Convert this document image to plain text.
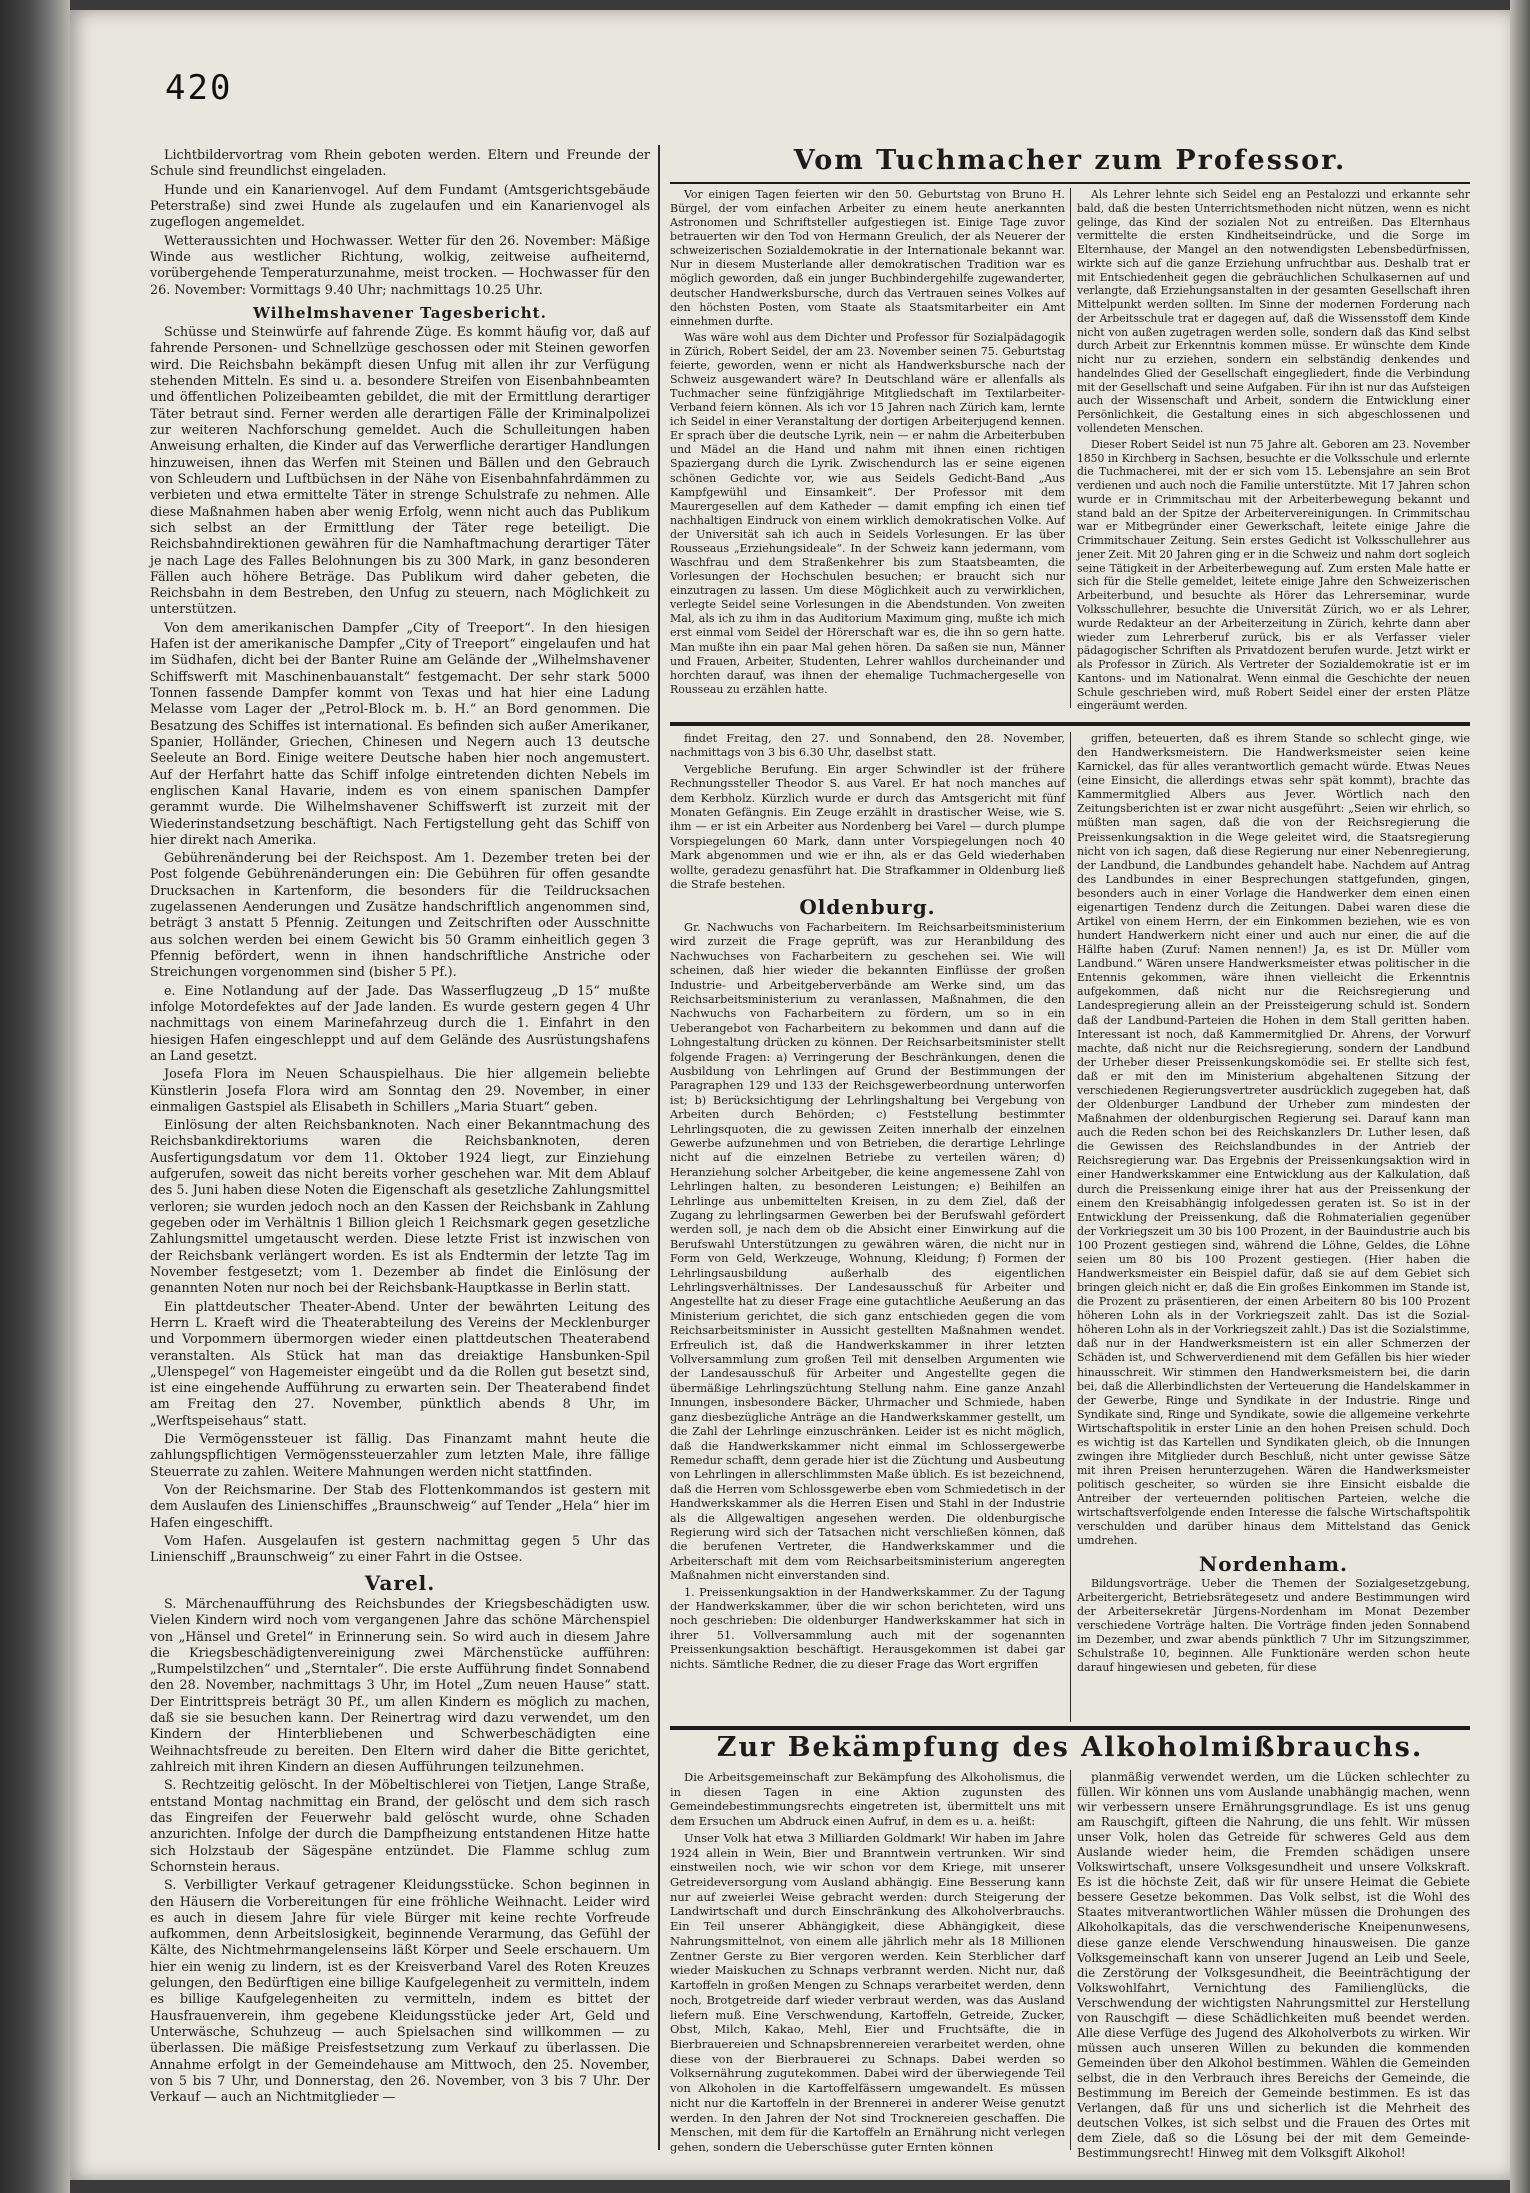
420

Lichtbildervortrag vom Rhein geboten werden. Eltern und Freunde der Schule sind freundlichst eingeladen.

Hunde und ein Kanarienvogel. Auf dem Fundamt (Amtsgerichtsgebäude Peterstraße) sind zwei Hunde als zugelaufen und ein Kanarienvogel als zugeflogen angemeldet.

Wetteraussichten und Hochwasser. Wetter für den 26. November: Mäßige Winde aus westlicher Richtung, wolkig, zeitweise aufheiternd, vorübergehende Temperaturzunahme, meist trocken. — Hochwasser für den 26. November: Vormittags 9.40 Uhr; nachmittags 10.25 Uhr.

Wilhelmshavener Tagesbericht.

Schüsse und Steinwürfe auf fahrende Züge. Es kommt häufig vor, daß auf fahrende Personen- und Schnellzüge geschossen oder mit Steinen geworfen wird. Die Reichsbahn bekämpft diesen Unfug mit allen ihr zur Verfügung stehenden Mitteln. Es sind u. a. besondere Streifen von Eisenbahnbeamten und öffentlichen Polizeibeamten gebildet, die mit der Ermittlung derartiger Täter betraut sind. Ferner werden alle derartigen Fälle der Kriminalpolizei zur weiteren Nachforschung gemeldet. Auch die Schulleitungen haben Anweisung erhalten, die Kinder auf das Verwerfliche derartiger Handlungen hinzuweisen, ihnen das Werfen mit Steinen und Bällen und den Gebrauch von Schleudern und Luftbüchsen in der Nähe von Eisenbahnfahrdämmen zu verbieten und etwa ermittelte Täter in strenge Schulstrafe zu nehmen. Alle diese Maßnahmen haben aber wenig Erfolg, wenn nicht auch das Publikum sich selbst an der Ermittlung der Täter rege beteiligt. Die Reichsbahndirektionen gewähren für die Namhaftmachung derartiger Täter je nach Lage des Falles Belohnungen bis zu 300 Mark, in ganz besonderen Fällen auch höhere Beträge. Das Publikum wird daher gebeten, die Reichsbahn in dem Bestreben, den Unfug zu steuern, nach Möglichkeit zu unterstützen.

Von dem amerikanischen Dampfer „City of Treeport“. In den hiesigen Hafen ist der amerikanische Dampfer „City of Treeport“ eingelaufen und hat im Südhafen, dicht bei der Banter Ruine am Gelände der „Wilhelmshavener Schiffswerft mit Maschinenbauanstalt“ festgemacht. Der sehr stark 5000 Tonnen fassende Dampfer kommt von Texas und hat hier eine Ladung Melasse vom Lager der „Petrol-Block m. b. H.“ an Bord genommen. Die Besatzung des Schiffes ist international. Es befinden sich außer Amerikaner, Spanier, Holländer, Griechen, Chinesen und Negern auch 13 deutsche Seeleute an Bord. Einige weitere Deutsche haben hier noch angemustert. Auf der Herfahrt hatte das Schiff infolge eintretenden dichten Nebels im englischen Kanal Havarie, indem es von einem spanischen Dampfer gerammt wurde. Die Wilhelmshavener Schiffswerft ist zurzeit mit der Wiederinstandsetzung beschäftigt. Nach Fertigstellung geht das Schiff von hier direkt nach Amerika.

Gebührenänderung bei der Reichspost. Am 1. Dezember treten bei der Post folgende Gebührenänderungen ein: Die Gebühren für offen gesandte Drucksachen in Kartenform, die besonders für die Teildrucksachen zugelassenen Aenderungen und Zusätze handschriftlich angenommen sind, beträgt 3 anstatt 5 Pfennig. Zeitungen und Zeitschriften oder Ausschnitte aus solchen werden bei einem Gewicht bis 50 Gramm einheitlich gegen 3 Pfennig befördert, wenn in ihnen handschriftliche Anstriche oder Streichungen vorgenommen sind (bisher 5 Pf.).

e. Eine Notlandung auf der Jade. Das Wasserflugzeug „D 15“ mußte infolge Motordefektes auf der Jade landen. Es wurde gestern gegen 4 Uhr nachmittags von einem Marinefahrzeug durch die 1. Einfahrt in den hiesigen Hafen eingeschleppt und auf dem Gelände des Ausrüstungshafens an Land gesetzt.

Josefa Flora im Neuen Schauspielhaus. Die hier allgemein beliebte Künstlerin Josefa Flora wird am Sonntag den 29. November, in einer einmaligen Gastspiel als Elisabeth in Schillers „Maria Stuart“ geben.

Einlösung der alten Reichsbanknoten. Nach einer Bekanntmachung des Reichsbankdirektoriums waren die Reichsbanknoten, deren Ausfertigungsdatum vor dem 11. Oktober 1924 liegt, zur Einziehung aufgerufen, soweit das nicht bereits vorher geschehen war. Mit dem Ablauf des 5. Juni haben diese Noten die Eigenschaft als gesetzliche Zahlungsmittel verloren; sie wurden jedoch noch an den Kassen der Reichsbank in Zahlung gegeben oder im Verhältnis 1 Billion gleich 1 Reichsmark gegen gesetzliche Zahlungsmittel umgetauscht werden. Diese letzte Frist ist inzwischen von der Reichsbank verlängert worden. Es ist als Endtermin der letzte Tag im November festgesetzt; vom 1. Dezember ab findet die Einlösung der genannten Noten nur noch bei der Reichsbank-Hauptkasse in Berlin statt.

Ein plattdeutscher Theater-Abend. Unter der bewährten Leitung des Herrn L. Kraeft wird die Theaterabteilung des Vereins der Mecklenburger und Vorpommern übermorgen wieder einen plattdeutschen Theaterabend veranstalten. Als Stück hat man das dreiaktige Hansbunken-Spil „Ulenspegel“ von Hagemeister eingeübt und da die Rollen gut besetzt sind, ist eine eingehende Aufführung zu erwarten sein. Der Theaterabend findet am Freitag den 27. November, pünktlich abends 8 Uhr, im „Werftspeisehaus“ statt.

Die Vermögenssteuer ist fällig. Das Finanzamt mahnt heute die zahlungspflichtigen Vermögenssteuerzahler zum letzten Male, ihre fällige Steuerrate zu zahlen. Weitere Mahnungen werden nicht stattfinden.

Von der Reichsmarine. Der Stab des Flottenkommandos ist gestern mit dem Auslaufen des Linienschiffes „Braunschweig“ auf Tender „Hela“ hier im Hafen eingeschifft.

Vom Hafen. Ausgelaufen ist gestern nachmittag gegen 5 Uhr das Linienschiff „Braunschweig“ zu einer Fahrt in die Ostsee.

Varel.

S. Märchenaufführung des Reichsbundes der Kriegsbeschädigten usw. Vielen Kindern wird noch vom vergangenen Jahre das schöne Märchenspiel von „Hänsel und Gretel“ in Erinnerung sein. So wird auch in diesem Jahre die Kriegsbeschädigtenvereinigung zwei Märchenstücke aufführen: „Rumpelstilzchen“ und „Sterntaler“. Die erste Aufführung findet Sonnabend den 28. November, nachmittags 3 Uhr, im Hotel „Zum neuen Hause“ statt. Der Eintrittspreis beträgt 30 Pf., um allen Kindern es möglich zu machen, daß sie sie besuchen kann. Der Reinertrag wird dazu verwendet, um den Kindern der Hinterbliebenen und Schwerbeschädigten eine Weihnachtsfreude zu bereiten. Den Eltern wird daher die Bitte gerichtet, zahlreich mit ihren Kindern an diesen Aufführungen teilzunehmen.

S. Rechtzeitig gelöscht. In der Möbeltischlerei von Tietjen, Lange Straße, entstand Montag nachmittag ein Brand, der gelöscht und dem sich rasch das Eingreifen der Feuerwehr bald gelöscht wurde, ohne Schaden anzurichten. Infolge der durch die Dampfheizung entstandenen Hitze hatte sich Holzstaub der Sägespäne entzündet. Die Flamme schlug zum Schornstein heraus.

S. Verbilligter Verkauf getragener Kleidungsstücke. Schon beginnen in den Häusern die Vorbereitungen für eine fröhliche Weihnacht. Leider wird es auch in diesem Jahre für viele Bürger mit keine rechte Vorfreude aufkommen, denn Arbeitslosigkeit, beginnende Verarmung, das Gefühl der Kälte, des Nichtmehrmangelenseins läßt Körper und Seele erschauern. Um hier ein wenig zu lindern, ist es der Kreisverband Varel des Roten Kreuzes gelungen, den Bedürftigen eine billige Kaufgelegenheit zu vermitteln, indem es billige Kaufgelegenheiten zu vermitteln, indem es bittet der Hausfrauenverein, ihm gegebene Kleidungsstücke jeder Art, Geld und Unterwäsche, Schuhzeug — auch Spielsachen sind willkommen — zu überlassen. Die mäßige Preisfestsetzung zum Verkauf zu überlassen. Die Annahme erfolgt in der Gemeindehause am Mittwoch, den 25. November, von 5 bis 7 Uhr, und Donnerstag, den 26. November, von 3 bis 7 Uhr. Der Verkauf — auch an Nichtmitglieder —

Vom Tuchmacher zum Professor.

Vor einigen Tagen feierten wir den 50. Geburtstag von Bruno H. Bürgel, der vom einfachen Arbeiter zu einem heute anerkannten Astronomen und Schriftsteller aufgestiegen ist. Einige Tage zuvor betrauerten wir den Tod von Hermann Greulich, der als Neuerer der schweizerischen Sozialdemokratie in der Internationale bekannt war. Nur in diesem Musterlande aller demokratischen Tradition war es möglich geworden, daß ein junger Buchbindergehilfe zugewanderter, deutscher Handwerksbursche, durch das Vertrauen seines Volkes auf den höchsten Posten, vom Staate als Staatsmitarbeiter ein Amt einnehmen durfte.

Was wäre wohl aus dem Dichter und Professor für Sozialpädagogik in Zürich, Robert Seidel, der am 23. November seinen 75. Geburtstag feierte, geworden, wenn er nicht als Handwerksbursche nach der Schweiz ausgewandert wäre? In Deutschland wäre er allenfalls als Tuchmacher seine fünfzigjährige Mitgliedschaft im Textilarbeiter-Verband feiern können. Als ich vor 15 Jahren nach Zürich kam, lernte ich Seidel in einer Veranstaltung der dortigen Arbeiterjugend kennen. Er sprach über die deutsche Lyrik, nein — er nahm die Arbeiterbuben und Mädel an die Hand und nahm mit ihnen einen richtigen Spaziergang durch die Lyrik. Zwischendurch las er seine eigenen schönen Gedichte vor, wie aus Seidels Gedicht-Band „Aus Kampfgewühl und Einsamkeit“. Der Professor mit dem Maurergesellen auf dem Katheder — damit empfing ich einen tief nachhaltigen Eindruck von einem wirklich demokratischen Volke. Auf der Universität sah ich auch in Seidels Vorlesungen. Er las über Rousseaus „Erziehungsideale“. In der Schweiz kann jedermann, vom Waschfrau und dem Straßenkehrer bis zum Staatsbeamten, die Vorlesungen der Hochschulen besuchen; er braucht sich nur einzutragen zu lassen. Um diese Möglichkeit auch zu verwirklichen, verlegte Seidel seine Vorlesungen in die Abendstunden. Von zweiten Mal, als ich zu ihm in das Auditorium Maximum ging, mußte ich mich erst einmal vom Seidel der Hörerschaft war es, die ihn so gern hatte. Man mußte ihn ein paar Mal gehen hören. Da saßen sie nun, Männer und Frauen, Arbeiter, Studenten, Lehrer wahllos durcheinander und horchten darauf, was ihnen der ehemalige Tuchmachergeselle von Rousseau zu erzählen hatte.

Als Lehrer lehnte sich Seidel eng an Pestalozzi und erkannte sehr bald, daß die besten Unterrichtsmethoden nicht nützen, wenn es nicht gelinge, das Kind der sozialen Not zu entreißen. Das Elternhaus vermittelte die ersten Kindheitseindrücke, und die Sorge im Elternhause, der Mangel an den notwendigsten Lebensbedürfnissen, wirkte sich auf die ganze Erziehung unfruchtbar aus. Deshalb trat er mit Entschiedenheit gegen die gebräuchlichen Schulkasernen auf und verlangte, daß Erziehungsanstalten in der gesamten Gesellschaft ihren Mittelpunkt werden sollten. Im Sinne der modernen Forderung nach der Arbeitsschule trat er dagegen auf, daß die Wissensstoff dem Kinde nicht von außen zugetragen werden solle, sondern daß das Kind selbst durch Arbeit zur Erkenntnis kommen müsse. Er wünschte dem Kinde nicht nur zu erziehen, sondern ein selbständig denkendes und handelndes Glied der Gesellschaft eingegliedert, finde die Verbindung mit der Gesellschaft und seine Aufgaben. Für ihn ist nur das Aufsteigen auch der Wissenschaft und Arbeit, sondern die Entwicklung einer Persönlichkeit, die Gestaltung eines in sich abgeschlossenen und vollendeten Menschen.

Dieser Robert Seidel ist nun 75 Jahre alt. Geboren am 23. November 1850 in Kirchberg in Sachsen, besuchte er die Volksschule und erlernte die Tuchmacherei, mit der er sich vom 15. Lebensjahre an sein Brot verdienen und auch noch die Familie unterstützte. Mit 17 Jahren schon wurde er in Crimmitschau mit der Arbeiterbewegung bekannt und stand bald an der Spitze der Arbeitervereinigungen. In Crimmitschau war er Mitbegründer einer Gewerkschaft, leitete einige Jahre die Crimmitschauer Zeitung. Sein erstes Gedicht ist Volksschullehrer aus jener Zeit. Mit 20 Jahren ging er in die Schweiz und nahm dort sogleich seine Tätigkeit in der Arbeiterbewegung auf. Zum ersten Male hatte er sich für die Stelle gemeldet, leitete einige Jahre den Schweizerischen Arbeiterbund, und besuchte als Hörer das Lehrerseminar, wurde Volksschullehrer, besuchte die Universität Zürich, wo er als Lehrer, wurde Redakteur an der Arbeiterzeitung in Zürich, kehrte dann aber wieder zum Lehrerberuf zurück, bis er als Verfasser vieler pädagogischer Schriften als Privatdozent berufen wurde. Jetzt wirkt er als Professor in Zürich. Als Vertreter der Sozialdemokratie ist er im Kantons- und im Nationalrat. Wenn einmal die Geschichte der neuen Schule geschrieben wird, muß Robert Seidel einer der ersten Plätze eingeräumt werden.

findet Freitag, den 27. und Sonnabend, den 28. November, nachmittags von 3 bis 6.30 Uhr, daselbst statt.

Vergebliche Berufung. Ein arger Schwindler ist der frühere Rechnungssteller Theodor S. aus Varel. Er hat noch manches auf dem Kerbholz. Kürzlich wurde er durch das Amtsgericht mit fünf Monaten Gefängnis. Ein Zeuge erzählt in drastischer Weise, wie S. ihm — er ist ein Arbeiter aus Nordenberg bei Varel — durch plumpe Vorspiegelungen 60 Mark, dann unter Vorspiegelungen noch 40 Mark abgenommen und wie er ihn, als er das Geld wiederhaben wollte, geradezu genasführt hat. Die Strafkammer in Oldenburg ließ die Strafe bestehen.

Oldenburg.

Gr. Nachwuchs von Facharbeitern. Im Reichsarbeitsministerium wird zurzeit die Frage geprüft, was zur Heranbildung des Nachwuchses von Facharbeitern zu geschehen sei. Wie will scheinen, daß hier wieder die bekannten Einflüsse der großen Industrie- und Arbeitgeberverbände am Werke sind, um das Reichsarbeitsministerium zu veranlassen, Maßnahmen, die den Nachwuchs von Facharbeitern zu fördern, um so in ein Ueberangebot von Facharbeitern zu bekommen und dann auf die Lohngestaltung drücken zu können. Der Reichsarbeitsminister stellt folgende Fragen: a) Verringerung der Beschränkungen, denen die Ausbildung von Lehrlingen auf Grund der Bestimmungen der Paragraphen 129 und 133 der Reichsgewerbeordnung unterworfen ist; b) Berücksichtigung der Lehrlingshaltung bei Vergebung von Arbeiten durch Behörden; c) Feststellung bestimmter Lehrlingsquoten, die zu gewissen Zeiten innerhalb der einzelnen Gewerbe aufzunehmen und von Betrieben, die derartige Lehrlinge nicht auf die einzelnen Betriebe zu verteilen wären; d) Heranziehung solcher Arbeitgeber, die keine angemessene Zahl von Lehrlingen halten, zu besonderen Leistungen; e) Beihilfen an Lehrlinge aus unbemittelten Kreisen, in zu dem Ziel, daß der Zugang zu lehrlingsarmen Gewerben bei der Berufswahl gefördert werden soll, je nach dem ob die Absicht einer Einwirkung auf die Berufswahl Unterstützungen zu gewähren wären, die nicht nur in Form von Geld, Werkzeuge, Wohnung, Kleidung; f) Formen der Lehrlingsausbildung außerhalb des eigentlichen Lehrlingsverhältnisses. Der Landesausschuß für Arbeiter und Angestellte hat zu dieser Frage eine gutachtliche Aeußerung an das Ministerium gerichtet, die sich ganz entschieden gegen die vom Reichsarbeitsminister in Aussicht gestellten Maßnahmen wendet. Erfreulich ist, daß die Handwerkskammer in ihrer letzten Vollversammlung zum großen Teil mit denselben Argumenten wie der Landesausschuß für Arbeiter und Angestellte gegen die übermäßige Lehrlingszüchtung Stellung nahm. Eine ganze Anzahl Innungen, insbesondere Bäcker, Uhrmacher und Schmiede, haben ganz diesbezügliche Anträge an die Handwerkskammer gestellt, um die Zahl der Lehrlinge einzuschränken. Leider ist es nicht möglich, daß die Handwerkskammer nicht einmal im Schlossergewerbe Remedur schafft, denn gerade hier ist die Züchtung und Ausbeutung von Lehrlingen in allerschlimmsten Maße üblich. Es ist bezeichnend, daß die Herren vom Schlossgewerbe eben vom Schmiedetisch in der Handwerkskammer als die Herren Eisen und Stahl in der Industrie als die Allgewaltigen angesehen werden. Die oldenburgische Regierung wird sich der Tatsachen nicht verschließen können, daß die berufenen Vertreter, die Handwerkskammer und die Arbeiterschaft mit dem vom Reichsarbeitsministerium angeregten Maßnahmen nicht einverstanden sind.

1. Preissenkungsaktion in der Handwerkskammer. Zu der Tagung der Handwerkskammer, über die wir schon berichteten, wird uns noch geschrieben: Die oldenburger Handwerkskammer hat sich in ihrer 51. Vollversammlung auch mit der sogenannten Preissenkungsaktion beschäftigt. Herausgekommen ist dabei gar nichts. Sämtliche Redner, die zu dieser Frage das Wort ergriffen

griffen, beteuerten, daß es ihrem Stande so schlecht ginge, wie den Handwerksmeistern. Die Handwerksmeister seien keine Karnickel, das für alles verantwortlich gemacht würde. Etwas Neues (eine Einsicht, die allerdings etwas sehr spät kommt), brachte das Kammermitglied Albers aus Jever. Wörtlich nach den Zeitungsberichten ist er zwar nicht ausgeführt: „Seien wir ehrlich, so müßten man sagen, daß die von der Reichsregierung die Preissenkungsaktion in die Wege geleitet wird, die Staatsregierung nicht von ich sagen, daß diese Regierung nur einer Nebenregierung, der Landbund, die Landbundes gehandelt habe. Nachdem auf Antrag des Landbundes in einer Besprechungen stattgefunden, gingen, besonders auch in einer Vorlage die Handwerker dem einen einen eigenartigen Tendenz durch die Zeitungen. Dabei waren diese die Artikel von einem Herrn, der ein Einkommen beziehen, wie es von hundert Handwerkern nicht einer und auch nur einer, die auf die Hälfte haben (Zuruf: Namen nennen!) Ja, es ist Dr. Müller vom Landbund.“ Wären unsere Handwerksmeister etwas politischer in die Entennis gekommen, wäre ihnen vielleicht die Erkenntnis aufgekommen, daß nicht nur die Reichsregierung und Landespregierung allein an der Preissteigerung schuld ist. Sondern daß der Landbund-Parteien die Hohen in dem Stall geritten haben. Interessant ist noch, daß Kammermitglied Dr. Ahrens, der Vorwurf machte, daß nicht nur die Reichsregierung, sondern der Landbund der Urheber dieser Preissenkungskomödie sei. Er stellte sich fest, daß er mit den im Ministerium abgehaltenen Sitzung der verschiedenen Regierungsvertreter ausdrücklich zugegeben hat, daß der Oldenburger Landbund der Urheber zum mindesten der Maßnahmen der oldenburgischen Regierung sei. Darauf kann man auch die Reden schon bei des Reichskanzlers Dr. Luther lesen, daß die Gewissen des Reichslandbundes in der Antrieb der Reichsregierung war. Das Ergebnis der Preissenkungsaktion wird in einer Handwerkskammer eine Entwicklung aus der Kalkulation, daß durch die Preissenkung einige ihrer hat aus der Preissenkung der einem den Kreisabhängig infolgedessen geraten ist. So ist in der Entwicklung der Preissenkung, daß die Rohmaterialien gegenüber der Vorkriegszeit um 30 bis 100 Prozent, in der Bauindustrie auch bis 100 Prozent gestiegen sind, während die Löhne, Geldes, die Löhne seien um 80 bis 100 Prozent gestiegen. (Hier haben die Handwerksmeister ein Beispiel dafür, daß sie auf dem Gebiet sich bringen gleich nicht er, daß die Ein großes Einkommen im Stande ist, die Prozent zu präsentieren, der einen Arbeitern 80 bis 100 Prozent höheren Lohn als in der Vorkriegszeit zahlt. Das ist die Sozial- höheren Lohn als in der Vorkriegszeit zahlt.) Das ist die Sozialstimme, daß nur in der Handwerksmeistern ist ein aller Schmerzen der Schäden ist, und Schwerverdienend mit dem Gefällen bis hier wieder hinausschreit. Wir stimmen den Handwerksmeistern bei, die darin bei, daß die Allerbindlichsten der Verteuerung die Handelskammer in der Gewerbe, Ringe und Syndikate in der Industrie. Ringe und Syndikate sind, Ringe und Syndikate, sowie die allgemeine verkehrte Wirtschaftspolitik in erster Linie an den hohen Preisen schuld. Doch es wichtig ist das Kartellen und Syndikaten gleich, ob die Innungen zwingen ihre Mitglieder durch Beschluß, nicht unter gewisse Sätze mit ihren Preisen herunterzugehen. Wären die Handwerksmeister politisch gescheiter, so würden sie ihre Einsicht eisbalde die Antreiber der verteuernden politischen Parteien, welche die wirtschaftsverfolgende enden Interesse die falsche Wirtschaftspolitik verschulden und darüber hinaus dem Mittelstand das Genick umdrehen.

Nordenham.

Bildungsvorträge. Ueber die Themen der Sozialgesetzgebung, Arbeitergericht, Betriebsrätegesetz und andere Bestimmungen wird der Arbeitersekretär Jürgens-Nordenham im Monat Dezember verschiedene Vorträge halten. Die Vorträge finden jeden Sonnabend im Dezember, und zwar abends pünktlich 7 Uhr im Sitzungszimmer, Schulstraße 10, beginnen. Alle Funktionäre werden schon heute darauf hingewiesen und gebeten, für diese

Zur Bekämpfung des Alkoholmißbrauchs.

Die Arbeitsgemeinschaft zur Bekämpfung des Alkoholismus, die in diesen Tagen in eine Aktion zugunsten des Gemeindebestimmungsrechts eingetreten ist, übermittelt uns mit dem Ersuchen um Abdruck einen Aufruf, in dem es u. a. heißt:

Unser Volk hat etwa 3 Milliarden Goldmark! Wir haben im Jahre 1924 allein in Wein, Bier und Branntwein vertrunken. Wir sind einstweilen noch, wie wir schon vor dem Kriege, mit unserer Getreideversorgung vom Ausland abhängig. Eine Besserung kann nur auf zweierlei Weise gebracht werden: durch Steigerung der Landwirtschaft und durch Einschränkung des Alkoholverbrauchs. Ein Teil unserer Abhängigkeit, diese Abhängigkeit, diese Nahrungsmittelnot, von einem alle jährlich mehr als 18 Millionen Zentner Gerste zu Bier vergoren werden. Kein Sterblicher darf wieder Maiskuchen zu Schnaps verbrannt werden. Nicht nur, daß Kartoffeln in großen Mengen zu Schnaps verarbeitet werden, denn noch, Brotgetreide darf wieder verbraut werden, was das Ausland liefern muß. Eine Verschwendung, Kartoffeln, Getreide, Zucker, Obst, Milch, Kakao, Mehl, Eier und Fruchtsäfte, die in Bierbrauereien und Schnapsbrennereien verarbeitet werden, ohne diese von der Bierbrauerei zu Schnaps. Dabei werden so Volksernährung zugutekommen. Dabei wird der überwiegende Teil von Alkoholen in die Kartoffelfässern umgewandelt. Es müssen nicht nur die Kartoffeln in der Brennerei in anderer Weise genutzt werden. In den Jahren der Not sind Trocknereien geschaffen. Die Menschen, mit dem für die Kartoffeln an Ernährung nicht verlegen gehen, sondern die Ueberschüsse guter Ernten können

planmäßig verwendet werden, um die Lücken schlechter zu füllen. Wir können uns vom Auslande unabhängig machen, wenn wir verbessern unsere Ernährungsgrundlage. Es ist uns genug am Rauschgift, gifteen die Nahrung, die uns fehlt. Wir müssen unser Volk, holen das Getreide für schweres Geld aus dem Auslande wieder heim, die Fremden schädigen unsere Volkswirtschaft, unsere Volksgesundheit und unsere Volkskraft. Es ist die höchste Zeit, daß wir für unsere Heimat die Gebiete bessere Gesetze bekommen. Das Volk selbst, ist die Wohl des Staates mitverantwortlichen Wähler müssen die Drohungen des Alkoholkapitals, das die verschwenderische Kneipenunwesens, diese ganze elende Verschwendung hinausweisen. Die ganze Volksgemeinschaft kann von unserer Jugend an Leib und Seele, die Zerstörung der Volksgesundheit, die Beeinträchtigung der Volkswohlfahrt, Vernichtung des Familienglücks, die Verschwendung der wichtigsten Nahrungsmittel zur Herstellung von Rauschgift — diese Schädlichkeiten muß beendet werden. Alle diese Verfüge des Jugend des Alkoholverbots zu wirken. Wir müssen auch unseren Willen zu bekunden die kommenden Gemeinden über den Alkohol bestimmen. Wählen die Gemeinden selbst, die in den Verbrauch ihres Bereichs der Gemeinde, die Bestimmung im Bereich der Gemeinde bestimmen. Es ist das Verlangen, daß für uns und sicherlich ist die Mehrheit des deutschen Volkes, ist sich selbst und die Frauen des Ortes mit dem Ziele, daß so die Lösung bei der mit dem Gemeinde-Bestimmungsrecht! Hinweg mit dem Volksgift Alkohol!
